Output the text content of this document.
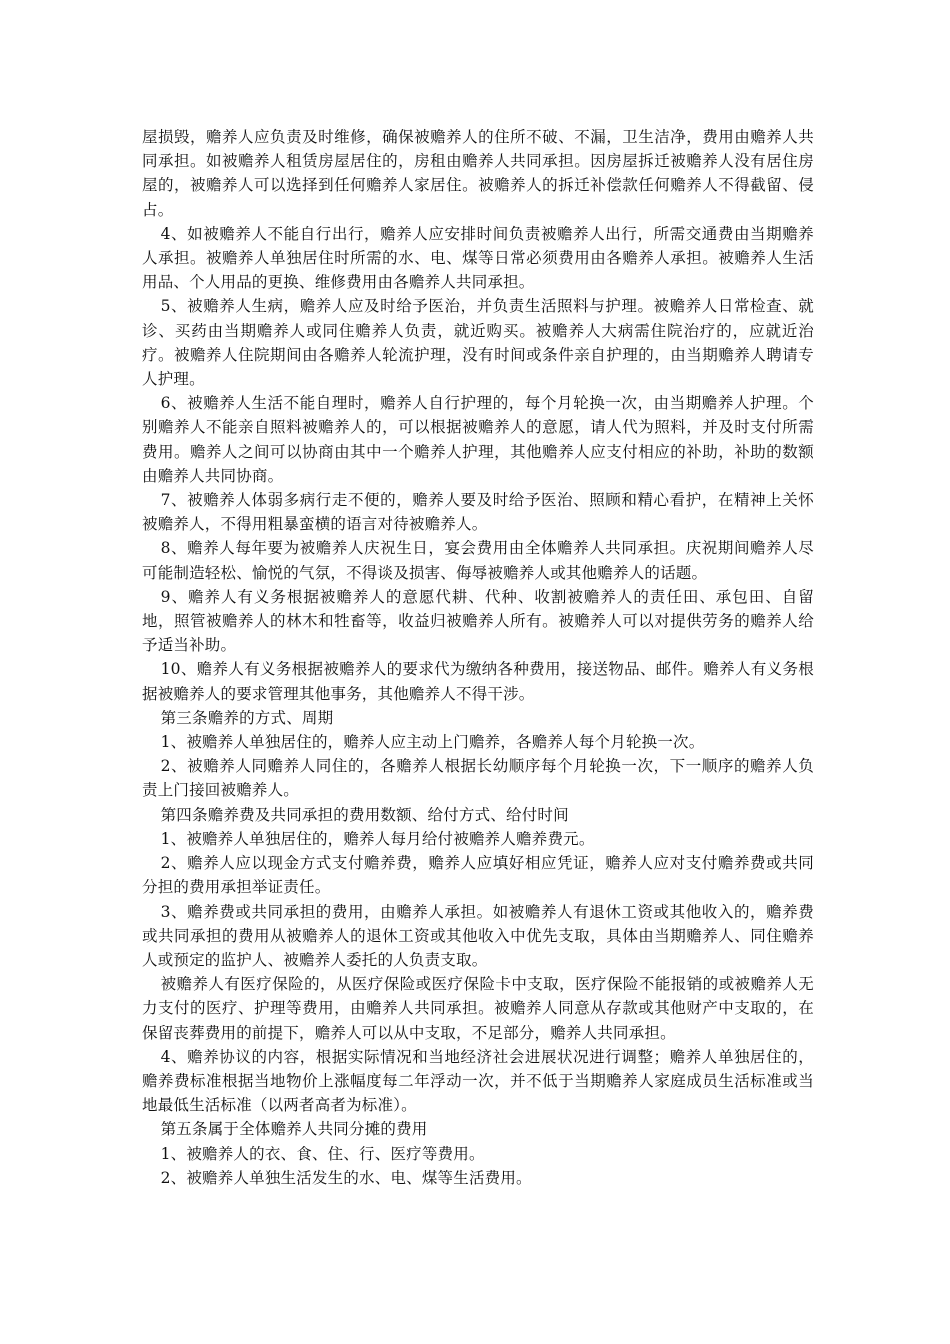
屋损毁，赡养人应负责及时维修，确保被赡养人的住所不破、不漏，卫生洁净，费用由赡养人共同承担。如被赡养人租赁房屋居住的，房租由赡养人共同承担。因房屋拆迁被赡养人没有居住房屋的，被赡养人可以选择到任何赡养人家居住。被赡养人的拆迁补偿款任何赡养人不得截留、侵占。

4、如被赡养人不能自行出行，赡养人应安排时间负责被赡养人出行，所需交通费由当期赡养人承担。被赡养人单独居住时所需的水、电、煤等日常必须费用由各赡养人承担。被赡养人生活用品、个人用品的更换、维修费用由各赡养人共同承担。

5、被赡养人生病，赡养人应及时给予医治，并负责生活照料与护理。被赡养人日常检查、就诊、买药由当期赡养人或同住赡养人负责，就近购买。被赡养人大病需住院治疗的，应就近治疗。被赡养人住院期间由各赡养人轮流护理，没有时间或条件亲自护理的，由当期赡养人聘请专人护理。

6、被赡养人生活不能自理时，赡养人自行护理的，每个月轮换一次，由当期赡养人护理。个别赡养人不能亲自照料被赡养人的，可以根据被赡养人的意愿，请人代为照料，并及时支付所需费用。赡养人之间可以协商由其中一个赡养人护理，其他赡养人应支付相应的补助，补助的数额由赡养人共同协商。

7、被赡养人体弱多病行走不便的，赡养人要及时给予医治、照顾和精心看护，在精神上关怀被赡养人，不得用粗暴蛮横的语言对待被赡养人。

8、赡养人每年要为被赡养人庆祝生日，宴会费用由全体赡养人共同承担。庆祝期间赡养人尽可能制造轻松、愉悦的气氛，不得谈及损害、侮辱被赡养人或其他赡养人的话题。

9、赡养人有义务根据被赡养人的意愿代耕、代种、收割被赡养人的责任田、承包田、自留地，照管被赡养人的林木和牲畜等，收益归被赡养人所有。被赡养人可以对提供劳务的赡养人给予适当补助。

10、赡养人有义务根据被赡养人的要求代为缴纳各种费用，接送物品、邮件。赡养人有义务根据被赡养人的要求管理其他事务，其他赡养人不得干涉。

第三条赡养的方式、周期

1、被赡养人单独居住的，赡养人应主动上门赡养，各赡养人每个月轮换一次。

2、被赡养人同赡养人同住的，各赡养人根据长幼顺序每个月轮换一次，下一顺序的赡养人负责上门接回被赡养人。

第四条赡养费及共同承担的费用数额、给付方式、给付时间

1、被赡养人单独居住的，赡养人每月给付被赡养人赡养费元。

2、赡养人应以现金方式支付赡养费，赡养人应填好相应凭证，赡养人应对支付赡养费或共同分担的费用承担举证责任。

3、赡养费或共同承担的费用，由赡养人承担。如被赡养人有退休工资或其他收入的，赡养费或共同承担的费用从被赡养人的退休工资或其他收入中优先支取，具体由当期赡养人、同住赡养人或预定的监护人、被赡养人委托的人负责支取。

被赡养人有医疗保险的，从医疗保险或医疗保险卡中支取，医疗保险不能报销的或被赡养人无力支付的医疗、护理等费用，由赡养人共同承担。被赡养人同意从存款或其他财产中支取的，在保留丧葬费用的前提下，赡养人可以从中支取，不足部分，赡养人共同承担。

4、赡养协议的内容，根据实际情况和当地经济社会进展状况进行调整；赡养人单独居住的，赡养费标准根据当地物价上涨幅度每二年浮动一次，并不低于当期赡养人家庭成员生活标准或当地最低生活标准（以两者高者为标准）。

第五条属于全体赡养人共同分摊的费用

1、被赡养人的衣、食、住、行、医疗等费用。

2、被赡养人单独生活发生的水、电、煤等生活费用。
